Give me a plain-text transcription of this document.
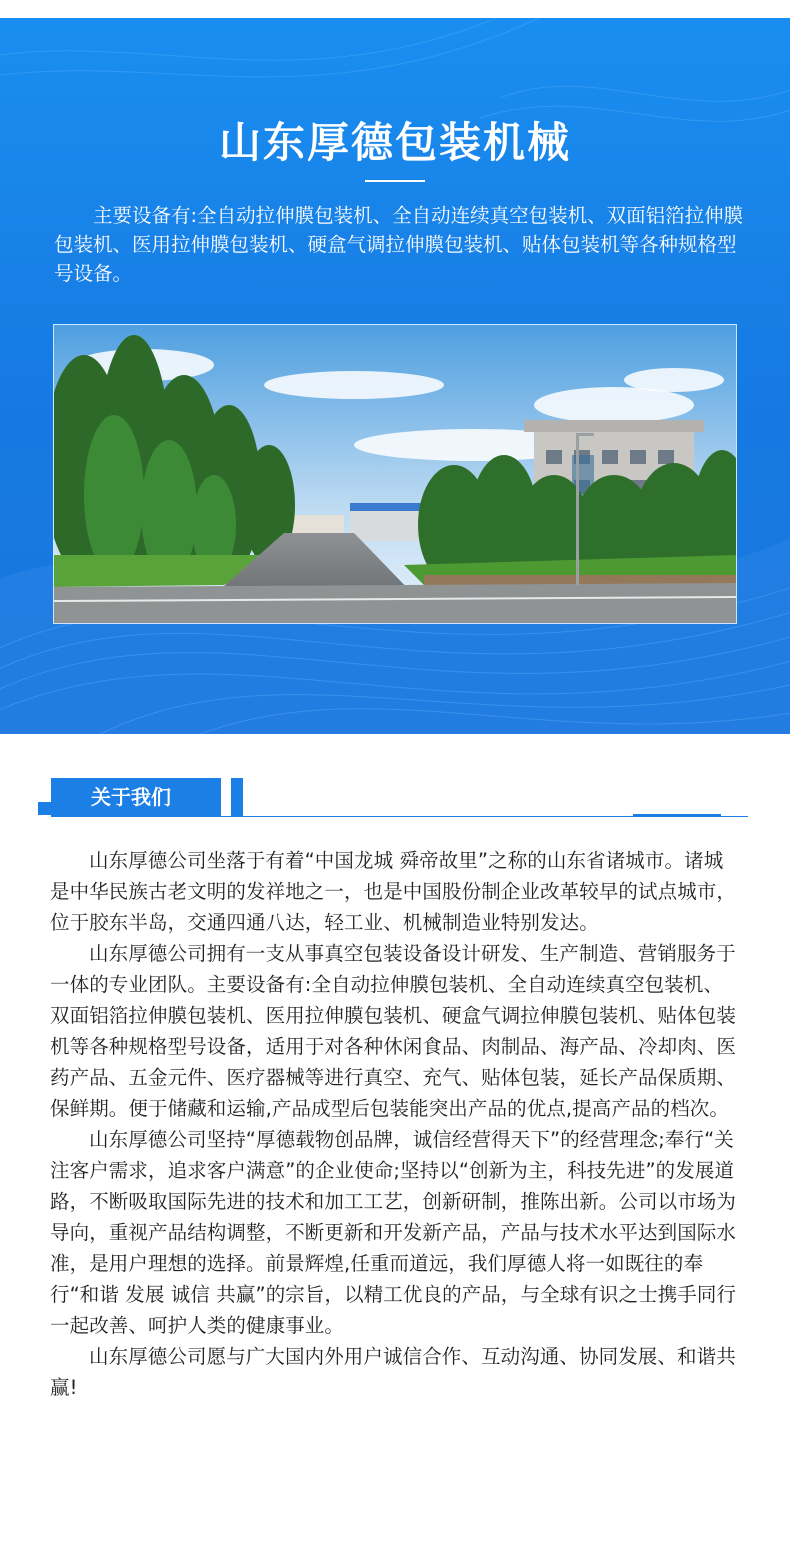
山东厚德包装机械

主要设备有:全自动拉伸膜包装机、全自动连续真空包装机、双面铝箔拉伸膜包装机、医用拉伸膜包装机、硬盒气调拉伸膜包装机、贴体包装机等各种规格型号设备。

关于我们

山东厚德公司坐落于有着“中国龙城 舜帝故里”之称的山东省诸城市。诸城是中华民族古老文明的发祥地之一，也是中国股份制企业改革较早的试点城市，位于胶东半岛，交通四通八达，轻工业、机械制造业特别发达。

山东厚德公司拥有一支从事真空包装设备设计研发、生产制造、营销服务于一体的专业团队。主要设备有:全自动拉伸膜包装机、全自动连续真空包装机、双面铝箔拉伸膜包装机、医用拉伸膜包装机、硬盒气调拉伸膜包装机、贴体包装机等各种规格型号设备，适用于对各种休闲食品、肉制品、海产品、冷却肉、医药产品、五金元件、医疗器械等进行真空、充气、贴体包装，延长产品保质期、保鲜期。便于储藏和运输,产品成型后包装能突出产品的优点,提高产品的档次。

山东厚德公司坚持“厚德载物创品牌，诚信经营得天下”的经营理念;奉行“关注客户需求，追求客户满意”的企业使命;坚持以“创新为主，科技先进”的发展道路，不断吸取国际先进的技术和加工工艺，创新研制，推陈出新。公司以市场为导向，重视产品结构调整，不断更新和开发新产品，产品与技术水平达到国际水准，是用户理想的选择。前景辉煌,任重而道远，我们厚德人将一如既往的奉行“和谐 发展 诚信 共赢”的宗旨，以精工优良的产品，与全球有识之士携手同行一起改善、呵护人类的健康事业。

山东厚德公司愿与广大国内外用户诚信合作、互动沟通、协同发展、和谐共赢!
